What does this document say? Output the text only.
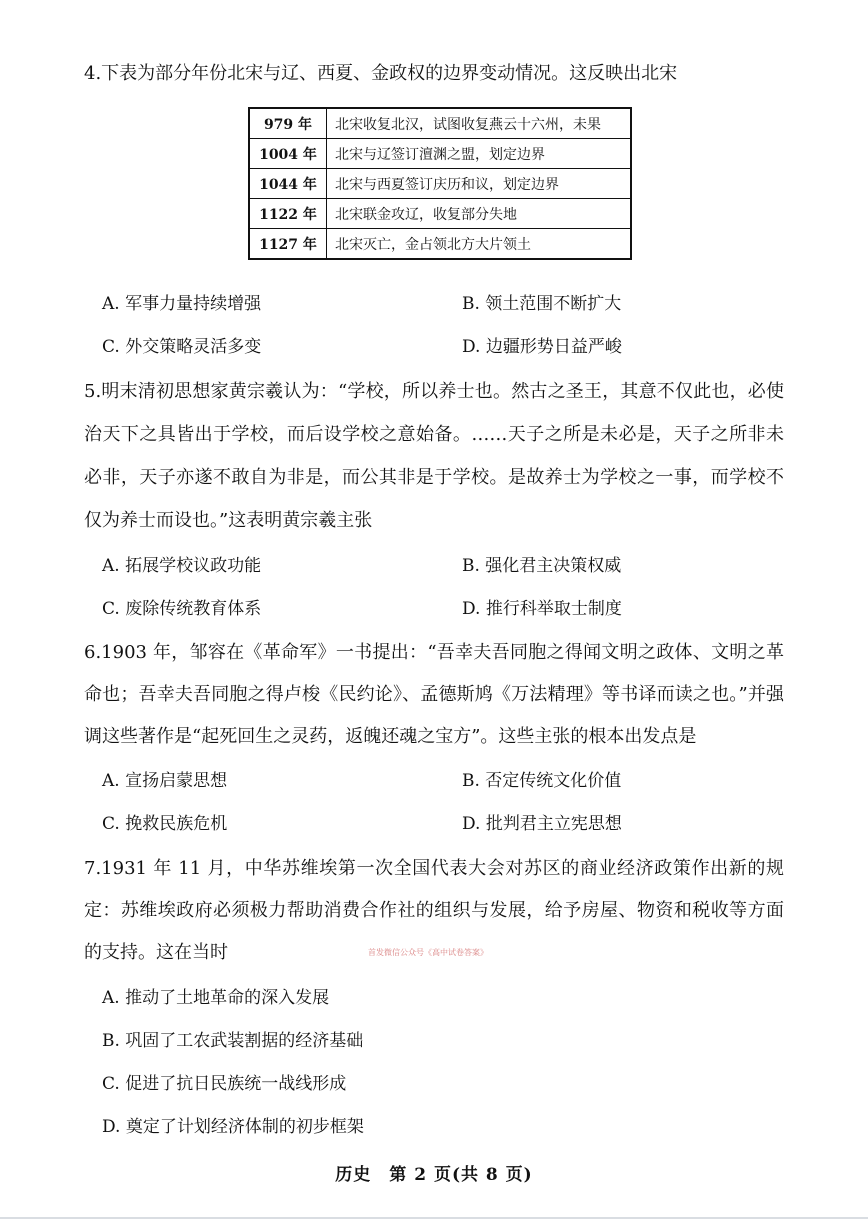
4.下表为部分年份北宋与辽、西夏、金政权的边界变动情况。这反映出北宋

979 年	北宋收复北汉，试图收复燕云十六州，未果
1004 年	北宋与辽签订澶渊之盟，划定边界
1044 年	北宋与西夏签订庆历和议，划定边界
1122 年	北宋联金攻辽，收复部分失地
1127 年	北宋灭亡，金占领北方大片领土
A. 军事力量持续增强	B. 领土范围不断扩大
C. 外交策略灵活多变	D. 边疆形势日益严峻

5.明末清初思想家黄宗羲认为：“学校，所以养士也。然古之圣王，其意不仅此也，必使治天下之具皆出于学校，而后设学校之意始备。……天子之所是未必是，天子之所非未必非，天子亦遂不敢自为非是，而公其非是于学校。是故养士为学校之一事，而学校不仅为养士而设也。”这表明黄宗羲主张

A. 拓展学校议政功能	B. 强化君主决策权威
C. 废除传统教育体系	D. 推行科举取士制度

6.1903 年，邹容在《革命军》一书提出：“吾幸夫吾同胞之得闻文明之政体、文明之革命也；吾幸夫吾同胞之得卢梭《民约论》、孟德斯鸠《万法精理》等书译而读之也。”并强调这些著作是“起死回生之灵药，返魄还魂之宝方”。这些主张的根本出发点是

A. 宣扬启蒙思想	B. 否定传统文化价值
C. 挽救民族危机	D. 批判君主立宪思想

7.1931 年 11 月，中华苏维埃第一次全国代表大会对苏区的商业经济政策作出新的规定：苏维埃政府必须极力帮助消费合作社的组织与发展，给予房屋、物资和税收等方面的支持。这在当时	首发微信公众号《高中试卷答案》
A. 推动了土地革命的深入发展
B. 巩固了工农武装割据的经济基础
C. 促进了抗日民族统一战线形成
D. 奠定了计划经济体制的初步框架
历史　第 2 页(共 8 页)
